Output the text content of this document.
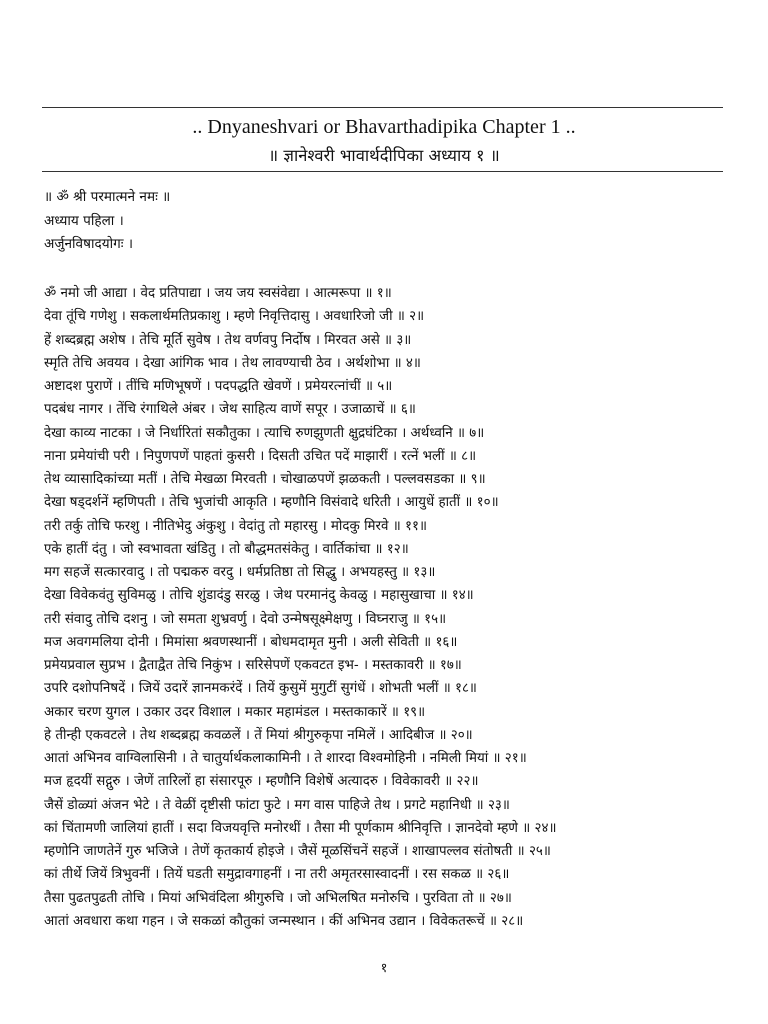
.. Dnyaneshvari or Bhavarthadipika Chapter 1 ..
॥ ज्ञानेश्वरी भावार्थदीपिका अध्याय १ ॥
॥ ॐ श्री परमात्मने नमः ॥
अध्याय पहिला ।
अर्जुनविषादयोगः ।
ॐ नमो जी आद्या । वेद प्रतिपाद्या । जय जय स्वसंवेद्या । आत्मरूपा ॥ १॥
देवा तूंचि गणेशु । सकलार्थमतिप्रकाशु । म्हणे निवृत्तिदासु । अवधारिजो जी ॥ २॥
हें शब्दब्रह्म अशेष । तेचि मूर्ति सुवेष । तेथ वर्णवपु निर्दोष । मिरवत असे ॥ ३॥
स्मृति तेचि अवयव । देखा आंगिक भाव । तेथ लावण्याची ठेव । अर्थशोभा ॥ ४॥
अष्टादश पुराणें । तींचि मणिभूषणें । पदपद्धति खेवणें । प्रमेयरत्नांचीं ॥ ५॥
पदबंध नागर । तेंचि रंगाथिले अंबर । जेथ साहित्य वाणें सपूर । उजाळाचें ॥ ६॥
देखा काव्य नाटका । जे निर्धारितां सकौतुका । त्याचि रुणझुणती क्षुद्रघंटिका । अर्थध्वनि ॥ ७॥
नाना प्रमेयांची परी । निपुणपणें पाहतां कुसरी । दिसती उचित पदें माझारीं । रत्नें भलीं ॥ ८॥
तेथ व्यासादिकांच्या मतीं । तेचि मेखळा मिरवती । चोखाळपणें झळकती । पल्लवसडका ॥ ९॥
देखा षड्दर्शनें म्हणिपती । तेचि भुजांची आकृति । म्हणौनि विसंवादे धरिती । आयुधें हातीं ॥ १०॥
तरी तर्कु तोचि फरशु । नीतिभेदु अंकुशु । वेदांतु तो महारसु । मोदकु मिरवे ॥ ११॥
एके हातीं दंतु । जो स्वभावता खंडितु । तो बौद्धमतसंकेतु । वार्तिकांचा ॥ १२॥
मग सहजें सत्कारवादु । तो पद्मकरु वरदु । धर्मप्रतिष्ठा तो सिद्धु । अभयहस्तु ॥ १३॥
देखा विवेकवंतु सुविमळु । तोचि शुंडादंडु सरळु । जेथ परमानंदु केवळु । महासुखाचा ॥ १४॥
तरी संवादु तोचि दशनु । जो समता शुभ्रवर्णु । देवो उन्मेषसूक्ष्मेक्षणु । विघ्नराजु ॥ १५॥
मज अवगमलिया दोनी । मिमांसा श्रवणस्थानीं । बोधमदामृत मुनी । अली सेविती ॥ १६॥
प्रमेयप्रवाल सुप्रभ । द्वैताद्वैत तेचि निकुंभ । सरिसेपणें एकवटत इभ- । मस्तकावरी ॥ १७॥
उपरि दशोपनिषदें । जियें उदारें ज्ञानमकरंदें । तियें कुसुमें मुगुटीं सुगंधें । शोभती भलीं ॥ १८॥
अकार चरण युगल । उकार उदर विशाल । मकार महामंडल । मस्तकाकारें ॥ १९॥
हे तीन्ही एकवटले । तेथ शब्दब्रह्म कवळलें । तें मियां श्रीगुरुकृपा नमिलें । आदिबीज ॥ २०॥
आतां अभिनव वाग्विलासिनी । ते चातुर्यार्थकलाकामिनी । ते शारदा विश्वमोहिनी । नमिली मियां ॥ २१॥
मज हृदयीं सद्गुरु । जेणें तारिलों हा संसारपूरु । म्हणौनि विशेषें अत्यादरु । विवेकावरी ॥ २२॥
जैसें डोळ्यां अंजन भेटे । ते वेळीं दृष्टीसी फांटा फुटे । मग वास पाहिजे तेथ । प्रगटे महानिधी ॥ २३॥
कां चिंतामणी जालियां हातीं । सदा विजयवृत्ति मनोरथीं । तैसा मी पूर्णकाम श्रीनिवृत्ति । ज्ञानदेवो म्हणे ॥ २४॥
म्हणोनि जाणतेनें गुरु भजिजे । तेणें कृतकार्य होइजे । जैसें मूळसिंचनें सहजें । शाखापल्लव संतोषती ॥ २५॥
कां तीर्थे जियें त्रिभुवनीं । तियें घडती समुद्रावगाहनीं । ना तरी अमृतरसास्वादनीं । रस सकळ ॥ २६॥
तैसा पुढतपुढती तोचि । मियां अभिवंदिला श्रीगुरुचि । जो अभिलषित मनोरुचि । पुरविता तो ॥ २७॥
आतां अवधारा कथा गहन । जे सकळां कौतुकां जन्मस्थान । कीं अभिनव उद्यान । विवेकतरूचें ॥ २८॥
१
